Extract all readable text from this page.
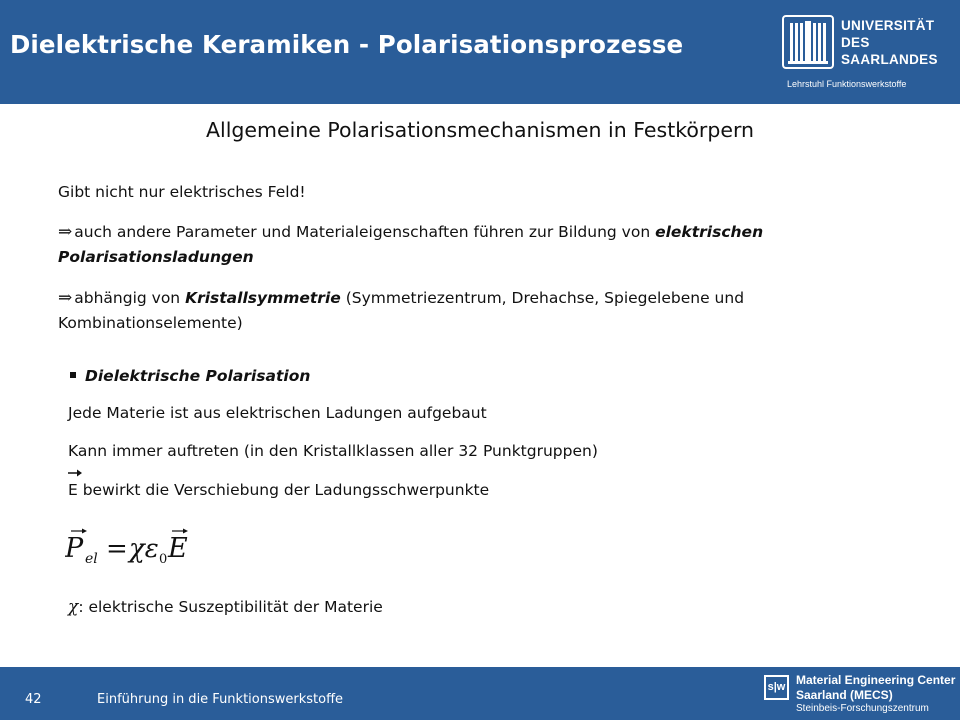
Dielektrische Keramiken - Polarisationsprozesse
UNIVERSITÄT
DES
SAARLANDES
Lehrstuhl Funktionswerkstoffe
Allgemeine Polarisationsmechanismen in Festkörpern
Gibt nicht nur elektrisches Feld!
⇒ auch andere Parameter und Materialeigenschaften führen zur Bildung von elektrischen
Polarisationsladungen
⇒ abhängig von Kristallsymmetrie (Symmetriezentrum, Drehachse, Spiegelebene und
Kombinationselemente)
Dielektrische Polarisation
Jede Materie ist aus elektrischen Ladungen aufgebaut
Kann immer auftreten (in den Kristallklassen aller 32 Punktgruppen)
E bewirkt die Verschiebung der Ladungsschwerpunkte
P el = χε 0 E
χ: elektrische Suszeptibilität der Materie
42	Einführung in die Funktionswerkstoffe
s|w Material Engineering Center
Saarland (MECS)
Steinbeis-Forschungszentrum
